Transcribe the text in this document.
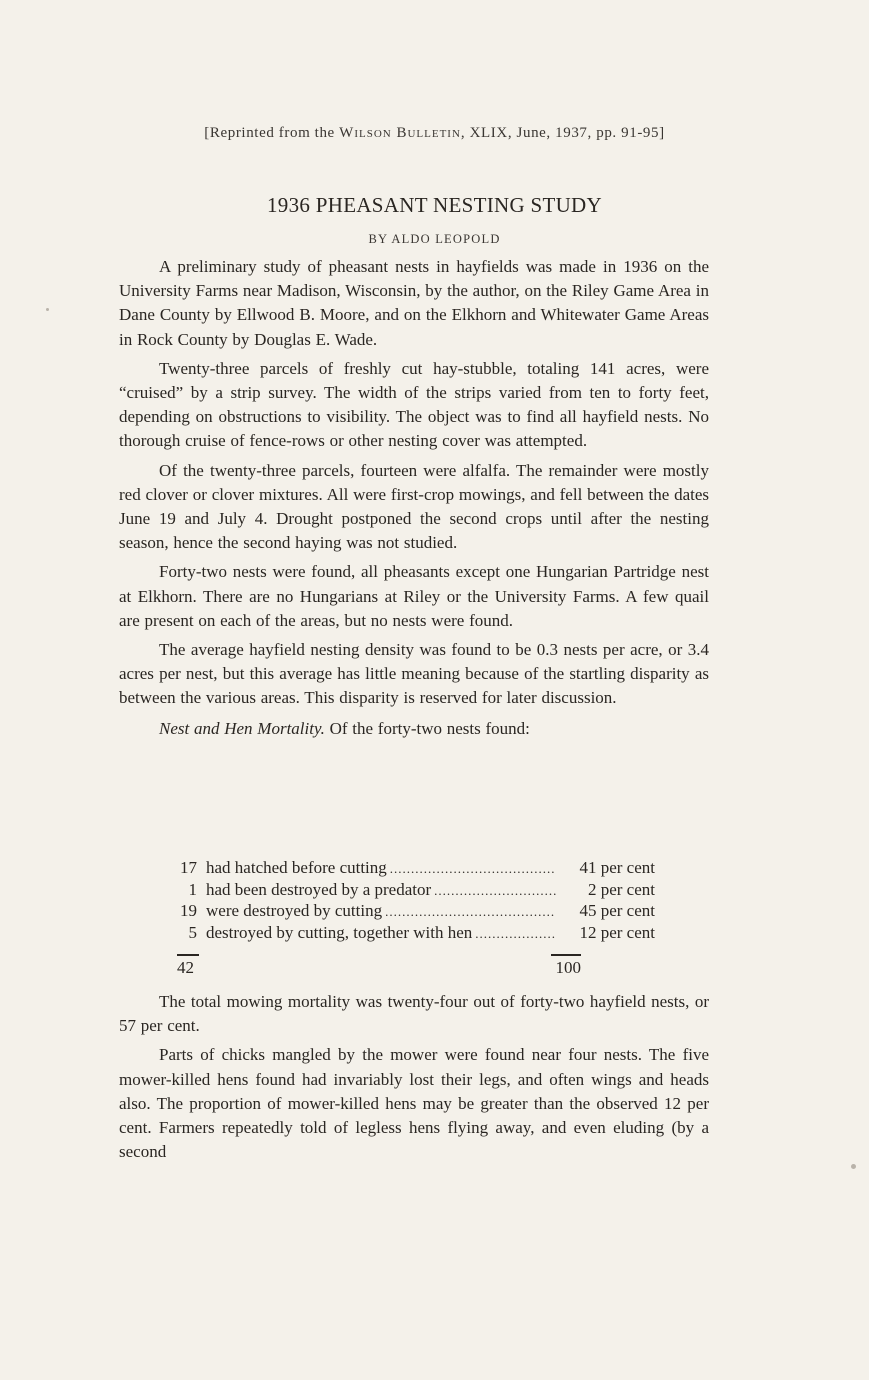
[Reprinted from the Wilson Bulletin, XLIX, June, 1937, pp. 91-95]
1936 PHEASANT NESTING STUDY
BY ALDO LEOPOLD

A preliminary study of pheasant nests in hayfields was made in 1936 on the University Farms near Madison, Wisconsin, by the author, on the Riley Game Area in Dane County by Ellwood B. Moore, and on the Elkhorn and Whitewater Game Areas in Rock County by Douglas E. Wade.

Twenty-three parcels of freshly cut hay-stubble, totaling 141 acres, were “cruised” by a strip survey. The width of the strips varied from ten to forty feet, depending on obstructions to visibility. The object was to find all hayfield nests. No thorough cruise of fence-rows or other nesting cover was attempted.

Of the twenty-three parcels, fourteen were alfalfa. The remainder were mostly red clover or clover mixtures. All were first-crop mowings, and fell between the dates June 19 and July 4. Drought postponed the second crops until after the nesting season, hence the second haying was not studied.

Forty-two nests were found, all pheasants except one Hungarian Partridge nest at Elkhorn. There are no Hungarians at Riley or the University Farms. A few quail are present on each of the areas, but no nests were found.

The average hayfield nesting density was found to be 0.3 nests per acre, or 3.4 acres per nest, but this average has little meaning because of the startling disparity as between the various areas. This disparity is reserved for later discussion.

Nest and Hen Mortality. Of the forty-two nests found:

17 had hatched before cutting .....	41 per cent
1 had been destroyed by a predator .....	2 per cent
19 were destroyed by cutting .....	45 per cent
5 destroyed by cutting, together with hen .....	12 per cent
42	100

The total mowing mortality was twenty-four out of forty-two hayfield nests, or 57 per cent.

Parts of chicks mangled by the mower were found near four nests. The five mower-killed hens found had invariably lost their legs, and often wings and heads also. The proportion of mower-killed hens may be greater than the observed 12 per cent. Farmers repeatedly told of legless hens flying away, and even eluding (by a second
